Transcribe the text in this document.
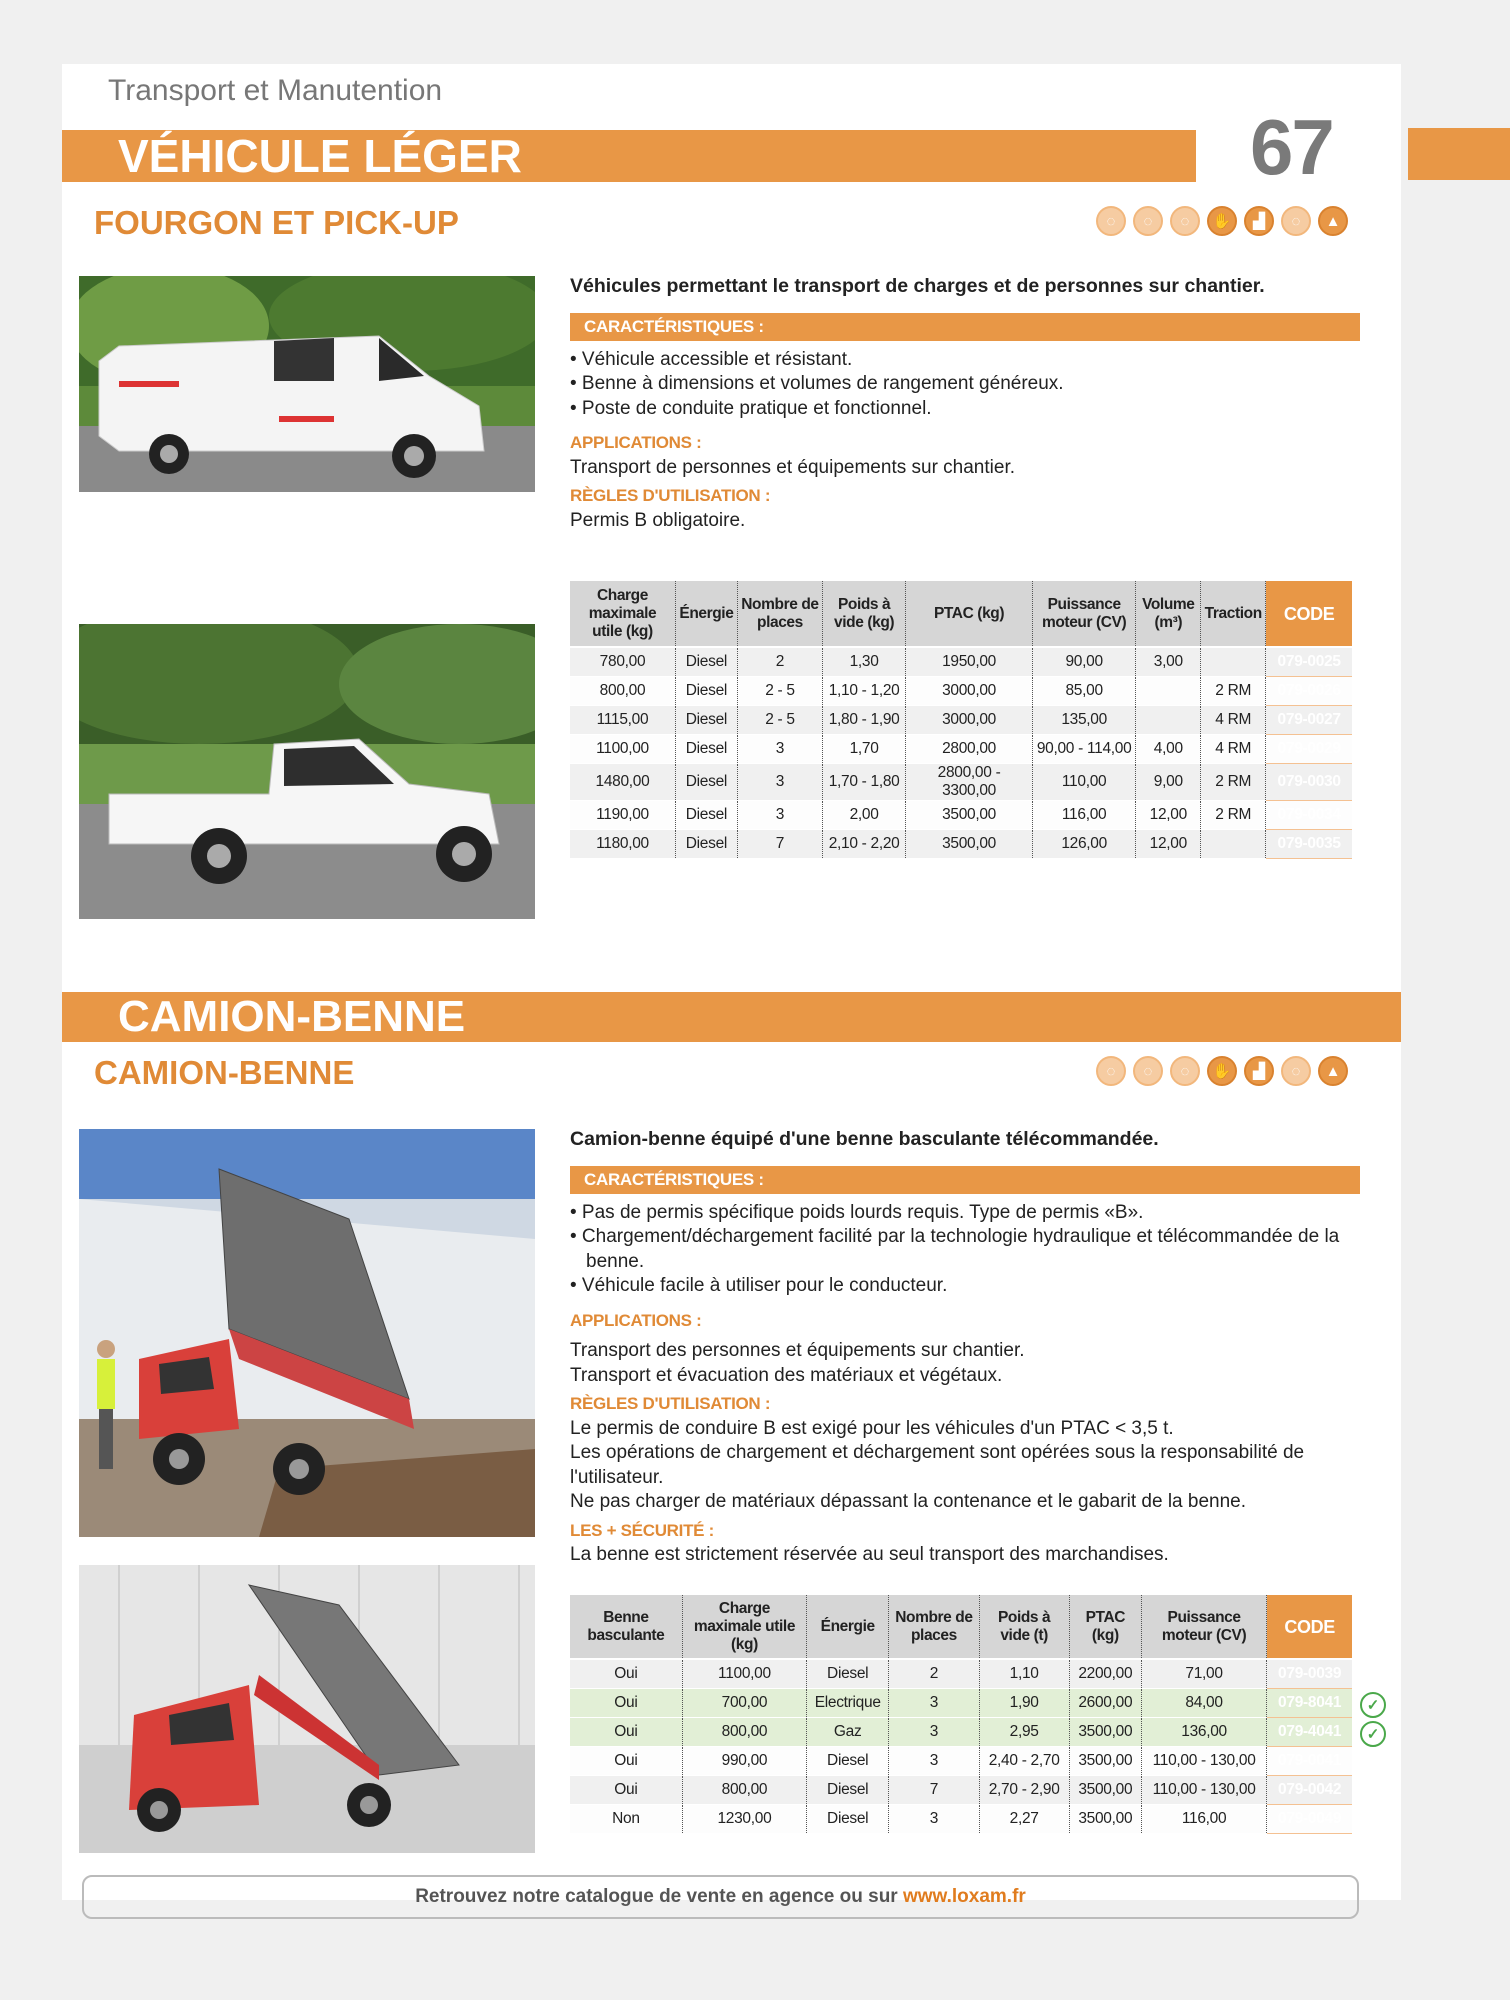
Transport et Manutention
VÉHICULE LÉGER	67
FOURGON ET PICK-UP	◌	◌	◌	✋	▟	◌	▲
Véhicules permettant le transport de charges et de personnes sur chantier.
CARACTÉRISTIQUES :
• Véhicule accessible et résistant.
• Benne à dimensions et volumes de rangement généreux.
• Poste de conduite pratique et fonctionnel.
APPLICATIONS :
Transport de personnes et équipements sur chantier.
RÈGLES D'UTILISATION :
Permis B obligatoire.
Charge maximale utile (kg)	Énergie	Nombre de places	Poids à vide (kg)	PTAC (kg)	Puissance moteur (CV)	Volume (m³)	Traction	CODE
780,00	Diesel	2	1,30	1950,00	90,00	3,00		079-0025
800,00	Diesel	2 - 5	1,10 - 1,20	3000,00	85,00		2 RM	079-0026
1115,00	Diesel	2 - 5	1,80 - 1,90	3000,00	135,00		4 RM	079-0027
1100,00	Diesel	3	1,70	2800,00	90,00 - 114,00	4,00	4 RM	079-0029
1480,00	Diesel	3	1,70 - 1,80	2800,00 - 3300,00	110,00	9,00	2 RM	079-0030
1190,00	Diesel	3	2,00	3500,00	116,00	12,00	2 RM	079-0034
1180,00	Diesel	7	2,10 - 2,20	3500,00	126,00	12,00		079-0035
CAMION-BENNE
CAMION-BENNE	◌	◌	◌	✋	▟	◌	▲
Camion-benne équipé d'une benne basculante télécommandée.
CARACTÉRISTIQUES :
• Pas de permis spécifique poids lourds requis. Type de permis «B».
• Chargement/déchargement facilité par la technologie hydraulique et télécommandée de la benne.
• Véhicule facile à utiliser pour le conducteur.
APPLICATIONS :
Transport des personnes et équipements sur chantier.
Transport et évacuation des matériaux et végétaux.
RÈGLES D'UTILISATION :
Le permis de conduire B est exigé pour les véhicules d'un PTAC < 3,5 t.
Les opérations de chargement et déchargement sont opérées sous la responsabilité de l'utilisateur.
Ne pas charger de matériaux dépassant la contenance et le gabarit de la benne.
LES + SÉCURITÉ :
La benne est strictement réservée au seul transport des marchandises.
Benne basculante	Charge maximale utile (kg)	Énergie	Nombre de places	Poids à vide (t)	PTAC (kg)	Puissance moteur (CV)	CODE
Oui	1100,00	Diesel	2	1,10	2200,00	71,00	079-0039
Oui	700,00	Electrique	3	1,90	2600,00	84,00	079-8041
Oui	800,00	Gaz	3	2,95	3500,00	136,00	079-4041
Oui	990,00	Diesel	3	2,40 - 2,70	3500,00	110,00 - 130,00	079-0041
Oui	800,00	Diesel	7	2,70 - 2,90	3500,00	110,00 - 130,00	079-0042
Non	1230,00	Diesel	3	2,27	3500,00	116,00	079-0049
✓
✓
Retrouvez notre catalogue de vente en agence ou sur www.loxam.fr
